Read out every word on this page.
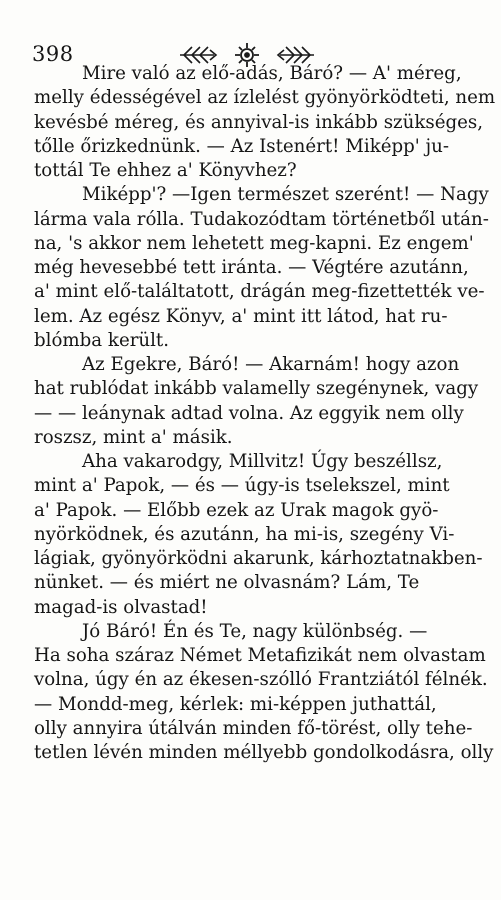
398
Mire való az elő-adás, Báró? — A' méreg,
melly édességével az ízlelést gyönyörködteti, nem
kevésbé méreg, és annyival-is inkább szükséges,
tőlle őrizkednünk. — Az Istenért! Miképp' ju-
tottál Te ehhez a' Könyvhez?
Miképp'? —Igen természet szerént! — Nagy
lárma vala rólla. Tudakozódtam történetből után-
na, 's akkor nem lehetett meg-kapni. Ez engem'
még hevesebbé tett iránta. — Végtére azutánn,
a' mint elő-találtatott, drágán meg-fizettették ve-
lem. Az egész Könyv, a' mint itt látod, hat ru-
blómba került.
Az Egekre, Báró! — Akarnám! hogy azon
hat rublódat inkább valamelly szegénynek, vagy
— — leánynak adtad volna. Az eggyik nem olly
roszsz, mint a' másik.
Aha vakarodgy, Millvitz! Úgy beszéllsz,
mint a' Papok, — és — úgy-is tselekszel, mint
a' Papok. — Előbb ezek az Urak magok gyö-
nyörködnek, és azutánn, ha mi-is, szegény Vi-
lágiak, gyönyörködni akarunk, kárhoztatnakben-
nünket. — és miért ne olvasnám? Lám, Te
magad-is olvastad!
Jó Báró! Én és Te, nagy különbség. —
Ha soha száraz Német Metafizikát nem olvastam
volna, úgy én az ékesen-szólló Frantziától félnék.
— Mondd-meg, kérlek: mi-képpen juthattál,
olly annyira útálván minden fő-törést, olly tehe-
tetlen lévén minden méllyebb gondolkodásra, olly
